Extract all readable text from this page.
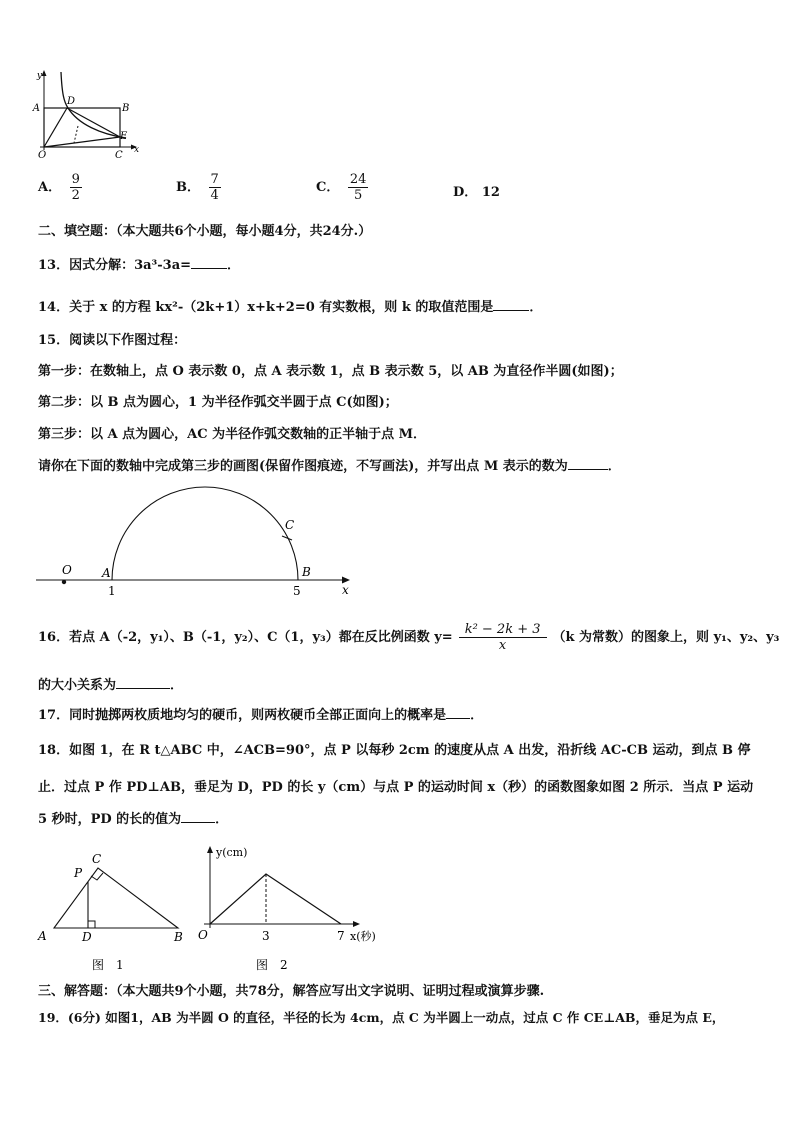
y
A
D
B
O	C
E
x
A． $\frac{9}{2}$	B． $\frac{7}{4}$	C． $\frac{24}{5}$	D． 12
二、填空题：（本大题共6个小题，每小题4分，共24分.）
13．因式分解：3a³-3a=	．
14．关于 x 的方程 kx²-（2k+1）x+k+2=0 有实数根，则 k 的取值范围是	．
15．阅读以下作图过程：
第一步：在数轴上，点 O 表示数 0，点 A 表示数 1，点 B 表示数 5，以 AB 为直径作半圆(如图)；
第二步：以 B 点为圆心，1 为半径作弧交半圆于点 C(如图)；
第三步：以 A 点为圆心，AC 为半径作弧交数轴的正半轴于点 M．
请你在下面的数轴中完成第三步的画图(保留作图痕迹，不写画法)，并写出点 M 表示的数为	．
O	A	B
C
x
1	5
16．若点 A（-2，y₁）、B（-1，y₂）、C（1，y₃）都在反比例函数 $y= \frac{\text{k² − 2k + 3}}{x} (k$ 为常数）的图象上，则 y₁、y₂、y₃
的大小关系为	．
17．同时抛掷两枚质地均匀的硬币，则两枚硬币全部正面向上的概率是 ．
18．如图 1，在 R t△ABC 中，∠ACB=90°，点 P 以每秒 2cm 的速度从点 A 出发，沿折线 AC-CB 运动，到点 B 停
止．过点 P 作 PD⊥AB，垂足为 D，PD 的长 y（cm）与点 P 的运动时间 x（秒）的函数图象如图 2 所示．当点 P 运动
5 秒时，PD 的长的值为	．
C
P
A	D	B
图　1
y(cm)
O	3	7 x(秒)
图　2
三、解答题：（本大题共9个小题，共78分，解答应写出文字说明、证明过程或演算步骤.
19．(6分) 如图1，AB 为半圆 O 的直径，半径的长为 4cm，点 C 为半圆上一动点，过点 C 作 CE⊥AB，垂足为点 E，
